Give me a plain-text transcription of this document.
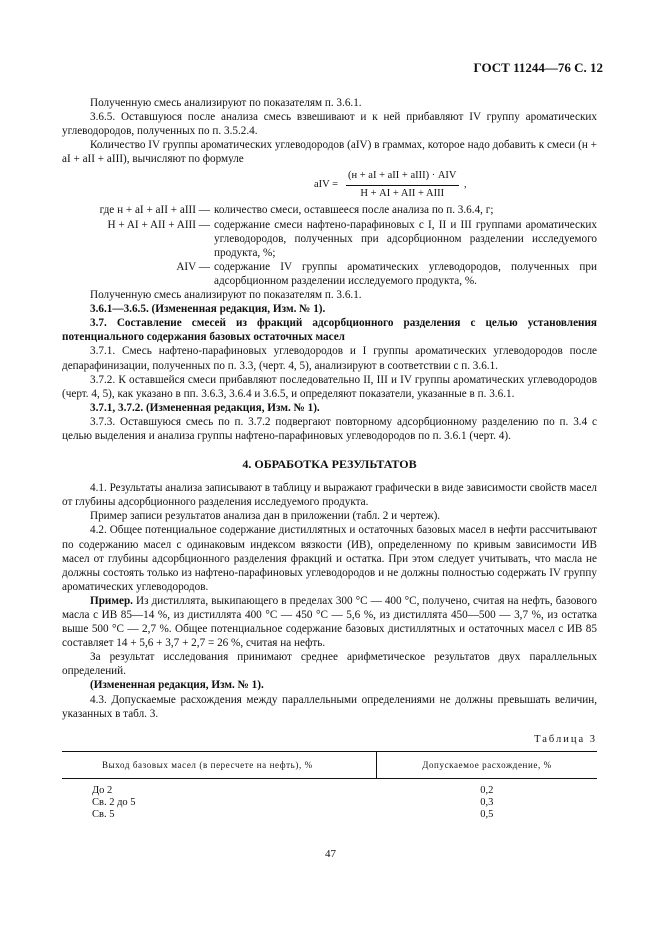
ГОСТ 11244—76 С. 12

Полученную смесь анализируют по показателям п. 3.6.1.

3.6.5. Оставшуюся после анализа смесь взвешивают и к ней прибавляют IV группу ароматических углеводородов, полученных по п. 3.5.2.4.

Количество IV группы ароматических углеводородов (aIV) в граммах, которое надо добавить к смеси (н + aI + aII + aIII), вычисляют по формуле

aIV =
(н + aI + aII + aIII) · AIV
Н + AI + AII + AIII
,
где н + aI + aII + aIII — количество смеси, оставшееся после анализа по п. 3.6.4, г;
H + AI + AII + AIII — содержание смеси нафтено-парафиновых с I, II и III группами ароматических углеводородов, полученных при адсорбционном разделении исследуемого продукта, %;
AIV — содержание IV группы ароматических углеводородов, полученных при адсорбционном разделении исследуемого продукта, %.

Полученную смесь анализируют по показателям п. 3.6.1.

3.6.1—3.6.5. (Измененная редакция, Изм. № 1).

3.7. Составление смесей из фракций адсорбционного разделения с целью установления потенциального содержания базовых остаточных масел

3.7.1. Смесь нафтено-парафиновых углеводородов и I группы ароматических углеводородов после депарафинизации, полученных по п. 3.3, (черт. 4, 5), анализируют в соответствии с п. 3.6.1.

3.7.2. К оставшейся смеси прибавляют последовательно II, III и IV группы ароматических углеводородов (черт. 4, 5), как указано в пп. 3.6.3, 3.6.4 и 3.6.5, и определяют показатели, указанные в п. 3.6.1.

3.7.1, 3.7.2. (Измененная редакция, Изм. № 1).

3.7.3. Оставшуюся смесь по п. 3.7.2 подвергают повторному адсорбционному разделению по п. 3.4 с целью выделения и анализа группы нафтено-парафиновых углеводородов по п. 3.6.1 (черт. 4).

4. ОБРАБОТКА РЕЗУЛЬТАТОВ

4.1. Результаты анализа записывают в таблицу и выражают графически в виде зависимости свойств масел от глубины адсорбционного разделения исследуемого продукта.

Пример записи результатов анализа дан в приложении (табл. 2 и чертеж).

4.2. Общее потенциальное содержание дистиллятных и остаточных базовых масел в нефти рассчитывают по содержанию масел с одинаковым индексом вязкости (ИВ), определенному по кривым зависимости ИВ масел от глубины адсорбционного разделения фракций и остатка. При этом следует учитывать, что масла не должны состоять только из нафтено-парафиновых углеводородов и не должны полностью содержать IV группу ароматических углеводородов.

Пример. Из дистиллята, выкипающего в пределах 300 °С — 400 °С, получено, считая на нефть, базового масла с ИВ 85—14 %, из дистиллята 400 °С — 450 °С — 5,6 %, из дистиллята 450—500 — 3,7 %, из остатка выше 500 °С — 2,7 %. Общее потенциальное содержание базовых дистиллятных и остаточных масел с ИВ 85 составляет 14 + 5,6 + 3,7 + 2,7 = 26 %, считая на нефть.

За результат исследования принимают среднее арифметическое результатов двух параллельных определений.

(Измененная редакция, Изм. № 1).

4.3. Допускаемые расхождения между параллельными определениями не должны превышать величин, указанных в табл. 3.

Таблица 3
Выход базовых масел (в пересчете на нефть), %	Допускаемое расхождение, %
До 2	0,2
Св. 2 до 5	0,3
Св. 5	0,5
47
